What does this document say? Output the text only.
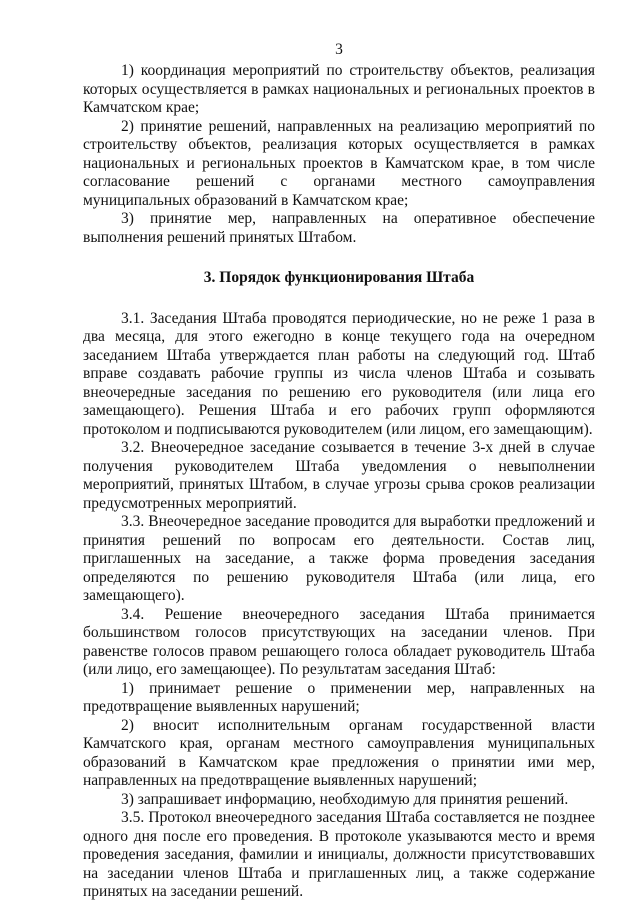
3

1) координация мероприятий по строительству объектов, реализация которых осуществляется в рамках национальных и региональных проектов в Камчатском крае;

2) принятие решений, направленных на реализацию мероприятий по строительству объектов, реализация которых осуществляется в рамках национальных и региональных проектов в Камчатском крае, в том числе согласование решений с органами местного самоуправления муниципальных образований в Камчатском крае;

3) принятие мер, направленных на оперативное обеспечение выполнения решений принятых Штабом.

3. Порядок функционирования Штаба

3.1. Заседания Штаба проводятся периодические, но не реже 1 раза в два месяца, для этого ежегодно в конце текущего года на очередном заседанием Штаба утверждается план работы на следующий год. Штаб вправе создавать рабочие группы из числа членов Штаба и созывать внеочередные заседания по решению его руководителя (или лица его замещающего). Решения Штаба и его рабочих групп оформляются протоколом и подписываются руководителем (или лицом, его замещающим).

3.2. Внеочередное заседание созывается в течение 3-х дней в случае получения руководителем Штаба уведомления о невыполнении мероприятий, принятых Штабом, в случае угрозы срыва сроков реализации предусмотренных мероприятий.

3.3. Внеочередное заседание проводится для выработки предложений и принятия решений по вопросам его деятельности. Состав лиц, приглашенных на заседание, а также форма проведения заседания определяются по решению руководителя Штаба (или лица, его замещающего).

3.4. Решение внеочередного заседания Штаба принимается большинством голосов присутствующих на заседании членов. При равенстве голосов правом решающего голоса обладает руководитель Штаба (или лицо, его замещающее). По результатам заседания Штаб:

1) принимает решение о применении мер, направленных на предотвращение выявленных нарушений;

2) вносит исполнительным органам государственной власти Камчатского края, органам местного самоуправления муниципальных образований в Камчатском крае предложения о принятии ими мер, направленных на предотвращение выявленных нарушений;

3) запрашивает информацию, необходимую для принятия решений.

3.5. Протокол внеочередного заседания Штаба составляется не позднее одного дня после его проведения. В протоколе указываются место и время проведения заседания, фамилии и инициалы, должности присутствовавших на заседании членов Штаба и приглашенных лиц, а также содержание принятых на заседании решений.
